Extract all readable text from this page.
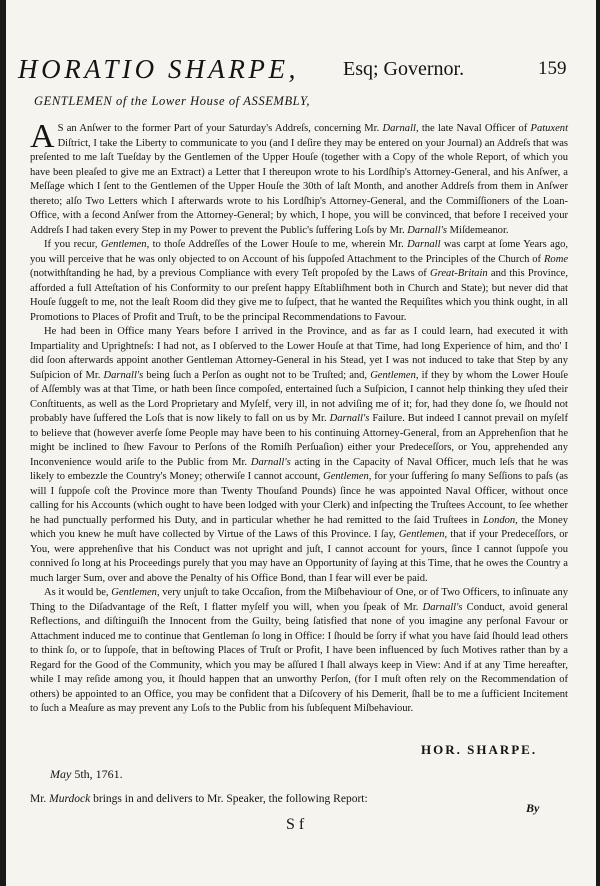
HORATIO SHARPE, Esq; Governor.	159
GENTLEMEN of the Lower House of ASSEMBLY,

A S an Anſwer to the former Part of your Saturday's Addreſs, concerning Mr. Darnall, the late Naval Officer of Patuxent Diſtrict, I take the Liberty to communicate to you (and I deſire they may be entered on your Journal) an Addreſs that was preſented to me laſt Tueſday by the Gentlemen of the Upper Houſe (together with a Copy of the whole Report, of which you have been pleaſed to give me an Extract) a Letter that I thereupon wrote to his Lordſhip's Attorney-General, and his Anſwer, a Meſſage which I ſent to the Gentlemen of the Upper Houſe the 30th of laſt Month, and another Addreſs from them in Anſwer thereto; alſo Two Letters which I afterwards wrote to his Lordſhip's Attorney-General, and the Commiſſioners of the Loan-Office, with a ſecond Anſwer from the Attorney-General; by which, I hope, you will be convinced, that before I received your Addreſs I had taken every Step in my Power to prevent the Public's ſuffering Loſs by Mr. Darnall's Miſdemeanor.

If you recur, Gentlemen, to thoſe Addreſſes of the Lower Houſe to me, wherein Mr. Darnall was carpt at ſome Years ago, you will perceive that he was only objected to on Account of his ſuppoſed Attachment to the Principles of the Church of Rome (notwithſtanding he had, by a previous Compliance with every Teſt propoſed by the Laws of Great-Britain and this Province, afforded a full Atteſtation of his Conformity to our preſent happy Eſtabliſhment both in Church and State); but never did that Houſe ſuggeſt to me, not the leaſt Room did they give me to ſuſpect, that he wanted the Requiſites which you think ought, in all Promotions to Places of Profit and Truſt, to be the principal Recommendations to Favour.

He had been in Office many Years before I arrived in the Province, and as far as I could learn, had executed it with Impartiality and Uprightneſs: I had not, as I obſerved to the Lower Houſe at that Time, had long Experience of him, and tho' I did ſoon afterwards appoint another Gentleman Attorney-General in his Stead, yet I was not induced to take that Step by any Suſpicion of Mr. Darnall's being ſuch a Perſon as ought not to be Truſted; and, Gentlemen, if they by whom the Lower Houſe of Aſſembly was at that Time, or hath been ſince compoſed, entertained ſuch a Suſpicion, I cannot help thinking they uſed their Conſtituents, as well as the Lord Proprietary and Myſelf, very ill, in not adviſing me of it; for, had they done ſo, we ſhould not probably have ſuffered the Loſs that is now likely to fall on us by Mr. Darnall's Failure. But indeed I cannot prevail on myſelf to believe that (however averſe ſome People may have been to his continuing Attorney-General, from an Apprehenſion that he might be inclined to ſhew Favour to Perſons of the Romiſh Perſuaſion) either your Predeceſſors, or You, apprehended any Inconvenience would ariſe to the Public from Mr. Darnall's acting in the Capacity of Naval Officer, much leſs that he was likely to embezzle the Country's Money; otherwiſe I cannot account, Gentlemen, for your ſuffering ſo many Seſſions to paſs (as will I ſuppoſe coſt the Province more than Twenty Thouſand Pounds) ſince he was appointed Naval Officer, without once calling for his Accounts (which ought to have been lodged with your Clerk) and inſpecting the Truſtees Account, to ſee whether he had punctually performed his Duty, and in particular whether he had remitted to the ſaid Truſtees in London, the Money which you knew he muſt have collected by Virtue of the Laws of this Province. I ſay, Gentlemen, that if your Predeceſſors, or You, were apprehenſive that his Conduct was not upright and juſt, I cannot account for yours, ſince I cannot ſuppoſe you connived ſo long at his Proceedings purely that you may have an Opportunity of ſaying at this Time, that he owes the Country a much larger Sum, over and above the Penalty of his Office Bond, than I fear will ever be paid.

As it would be, Gentlemen, very unjuſt to take Occaſion, from the Miſbehaviour of One, or of Two Officers, to inſinuate any Thing to the Diſadvantage of the Reſt, I flatter myſelf you will, when you ſpeak of Mr. Darnall's Conduct, avoid general Reflections, and diſtinguiſh the Innocent from the Guilty, being ſatisfied that none of you imagine any perſonal Favour or Attachment induced me to continue that Gentleman ſo long in Office: I ſhould be ſorry if what you have ſaid ſhould lead others to think ſo, or to ſuppoſe, that in beſtowing Places of Truſt or Profit, I have been influenced by ſuch Motives rather than by a Regard for the Good of the Community, which you may be aſſured I ſhall always keep in View: And if at any Time hereafter, while I may reſide among you, it ſhould happen that an unworthy Perſon, (for I muſt often rely on the Recommendation of others) be appointed to an Office, you may be confident that a Diſcovery of his Demerit, ſhall be to me a ſufficient Incitement to ſuch a Meaſure as may prevent any Loſs to the Public from his ſubſequent Miſbehaviour.

HOR. SHARPE.
May 5th, 1761.
Mr. Murdock brings in and delivers to Mr. Speaker, the following Report:
By
S f
